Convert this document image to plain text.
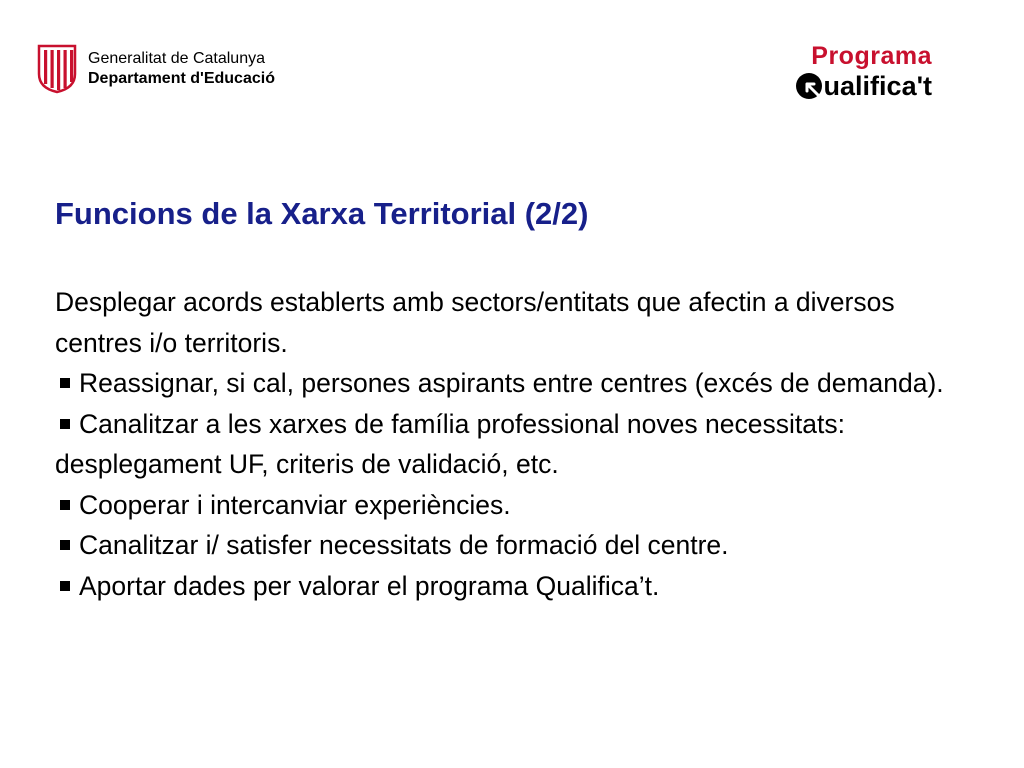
Generalitat de Catalunya
Departament d'Educació
Programa
ualifica't
Funcions de la Xarxa Territorial (2/2)

Desplegar acords establerts amb sectors/entitats que afectin a diversos centres i/o territoris.

Reassignar, si cal, persones aspirants entre centres (excés de demanda).

Canalitzar a les xarxes de família professional noves necessitats: desplegament UF, criteris de validació, etc.

Cooperar i intercanviar experiències.

Canalitzar i/ satisfer necessitats de formació del centre.

Aportar dades per valorar el programa Qualifica’t.
